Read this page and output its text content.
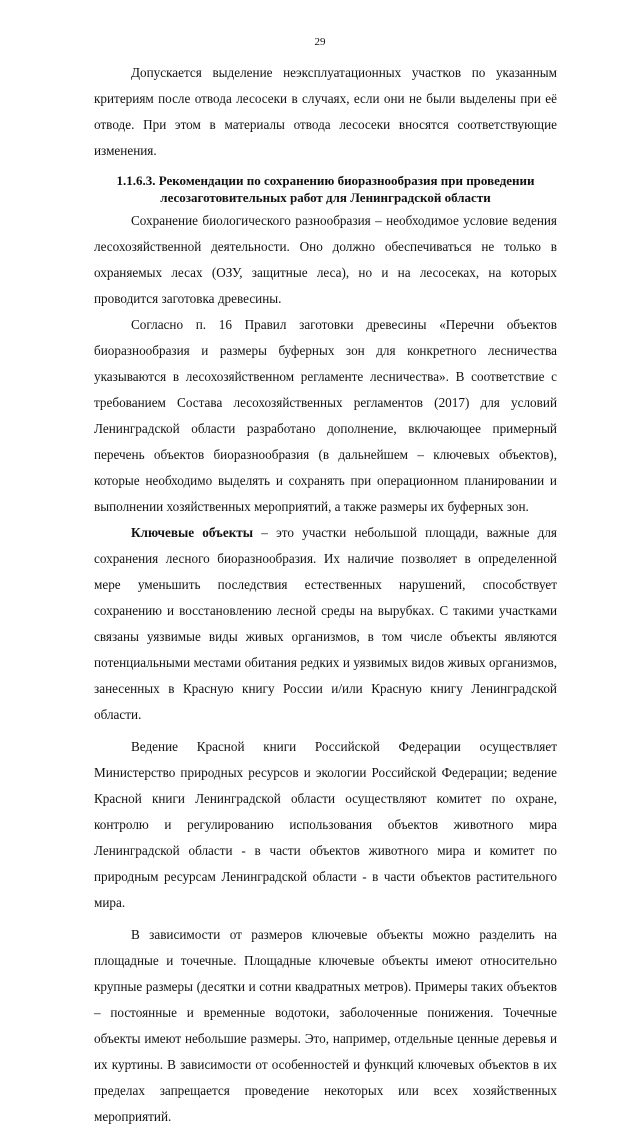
29

Допускается выделение неэксплуатационных участков по указанным критериям после отвода лесосеки в случаях, если они не были выделены при её отводе. При этом в материалы отвода лесосеки вносятся соответствующие изменения.

1.1.6.3. Рекомендации по сохранению биоразнообразия при проведении лесозаготовительных работ для Ленинградской области

Сохранение биологического разнообразия – необходимое условие ведения лесохозяйственной деятельности. Оно должно обеспечиваться не только в охраняемых лесах (ОЗУ, защитные леса), но и на лесосеках, на которых проводится заготовка древесины.

Согласно п. 16 Правил заготовки древесины «Перечни объектов биоразнообразия и размеры буферных зон для конкретного лесничества указываются в лесохозяйственном регламенте лесничества». В соответствие с требованием Состава лесохозяйственных регламентов (2017) для условий Ленинградской области разработано дополнение, включающее примерный перечень объектов биоразнообразия (в дальнейшем – ключевых объектов), которые необходимо выделять и сохранять при операционном планировании и выполнении хозяйственных мероприятий, а также размеры их буферных зон.

Ключевые объекты – это участки небольшой площади, важные для сохранения лесного биоразнообразия. Их наличие позволяет в определенной мере уменьшить последствия естественных нарушений, способствует сохранению и восстановлению лесной среды на вырубках. С такими участками связаны уязвимые виды живых организмов, в том числе объекты являются потенциальными местами обитания редких и уязвимых видов живых организмов, занесенных в Красную книгу России и/или Красную книгу Ленинградской области.

Ведение Красной книги Российской Федерации осуществляет Министерство природных ресурсов и экологии Российской Федерации; ведение Красной книги Ленинградской области осуществляют комитет по охране, контролю и регулированию использования объектов животного мира Ленинградской области - в части объектов животного мира и комитет по природным ресурсам Ленинградской области - в части объектов растительного мира.

В зависимости от размеров ключевые объекты можно разделить на площадные и точечные. Площадные ключевые объекты имеют относительно крупные размеры (десятки и сотни квадратных метров). Примеры таких объектов – постоянные и временные водотоки, заболоченные понижения. Точечные объекты имеют небольшие размеры. Это, например, отдельные ценные деревья и их куртины. В зависимости от особенностей и функций ключевых объектов в их пределах запрещается проведение некоторых или всех хозяйственных мероприятий.
